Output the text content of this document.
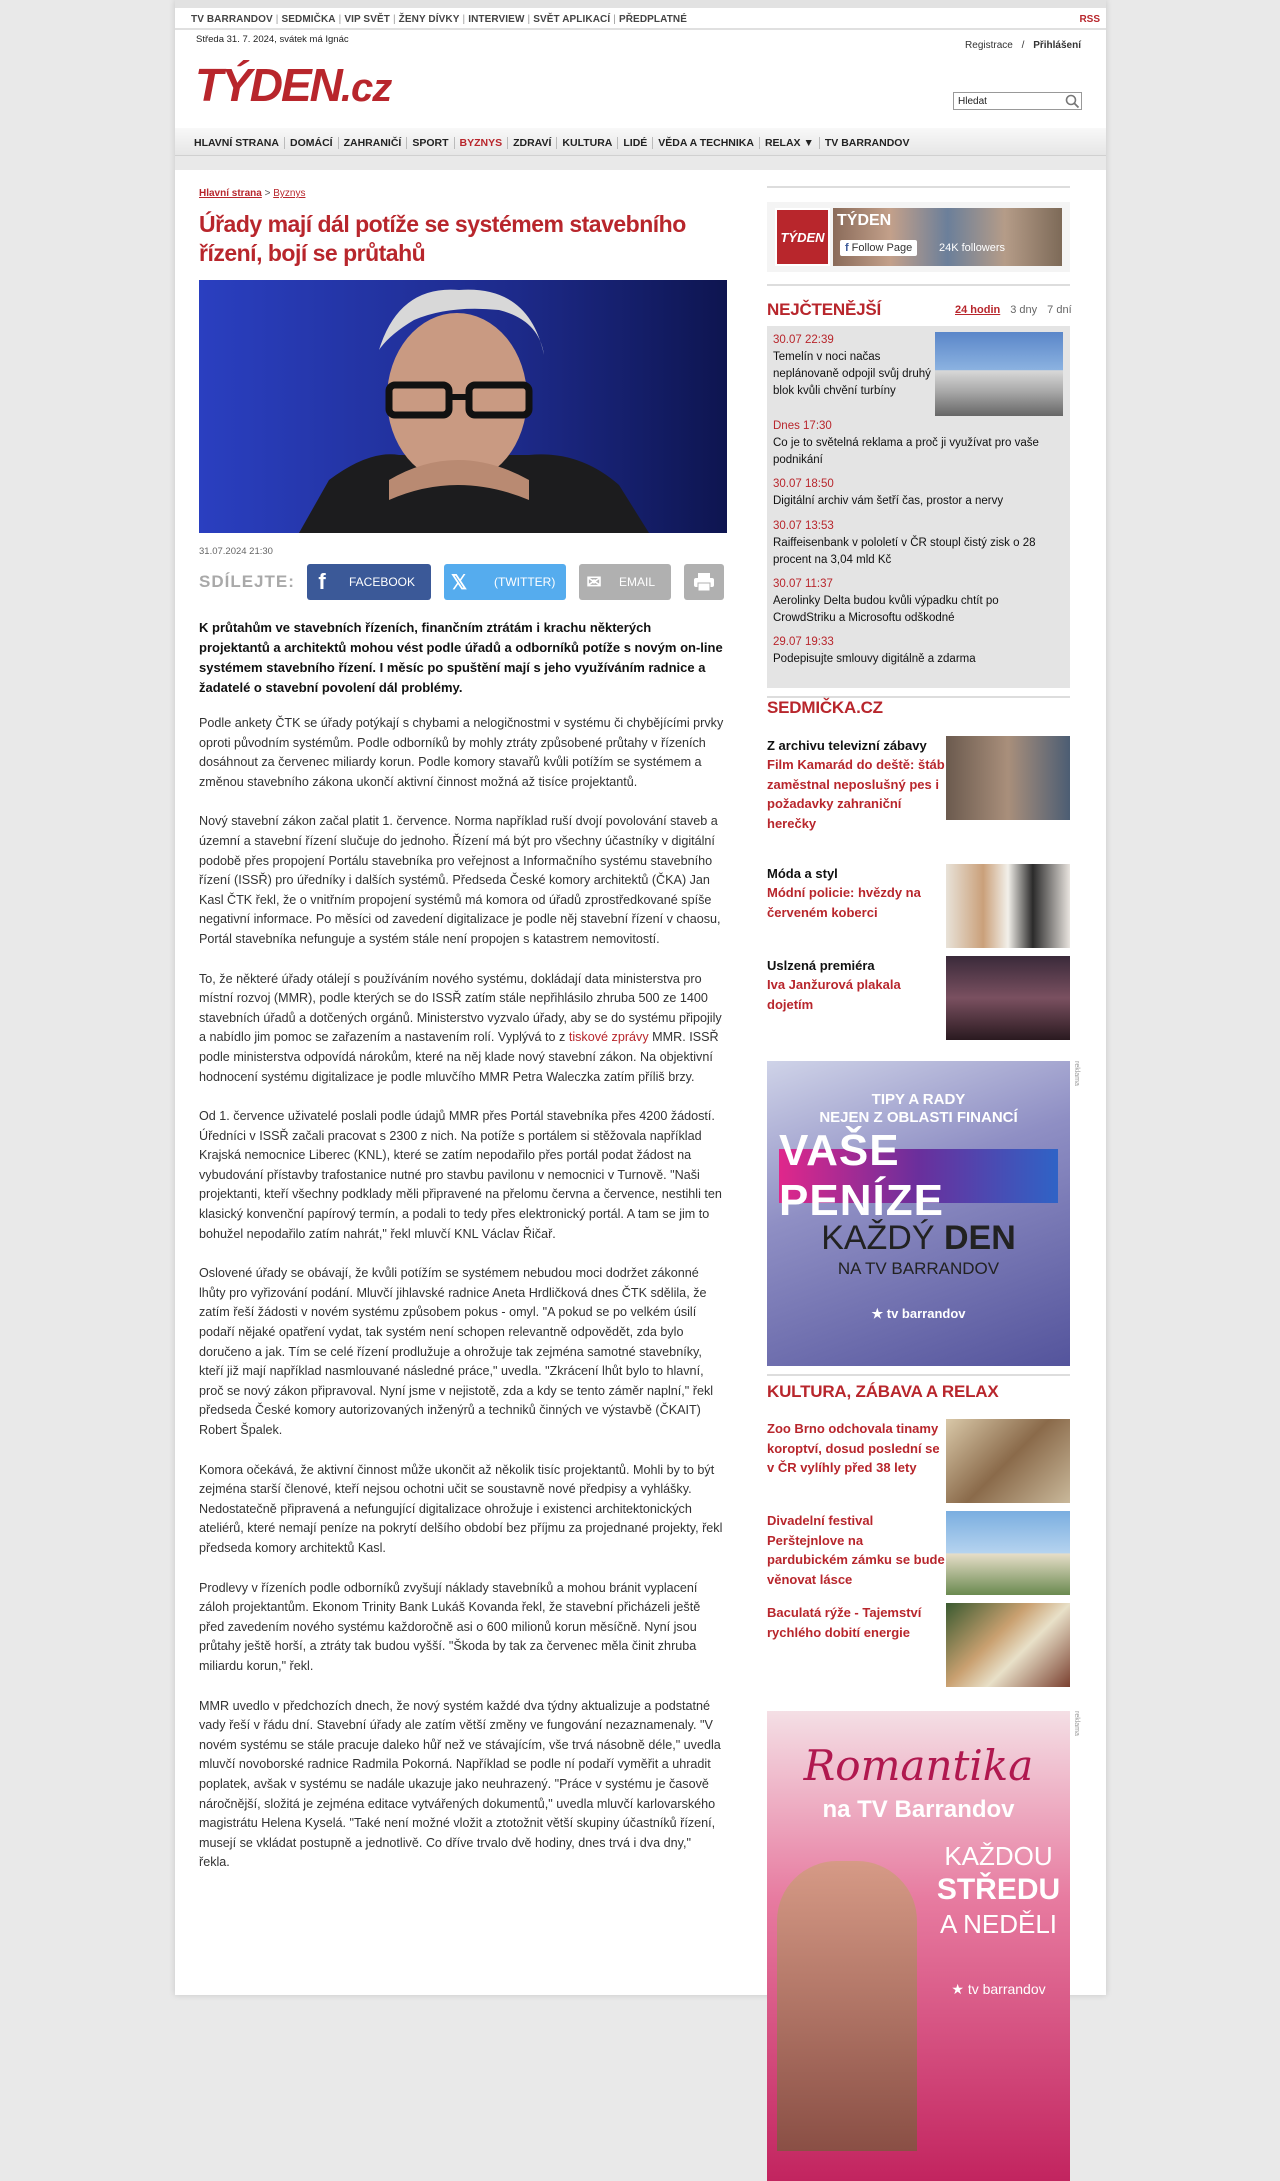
TV BARRANDOV | SEDMIČKA | VIP SVĚT | ŽENY DÍVKY | INTERVIEW | SVĚT APLIKACÍ | PŘEDPLATNÉ	RSS
Středa 31. 7. 2024, svátek má Ignác
Registrace / Přihlášení
TÝDEN.cz
Hledat
HLAVNÍ STRANA DOMÁCÍ ZAHRANIČÍ SPORT BYZNYS ZDRAVÍ KULTURA LIDÉ VĚDA A TECHNIKA RELAX ▼ TV BARRANDOV
Hlavní strana > Byznys
Úřady mají dál potíže se systémem stavebního řízení, bojí se průtahů
31.07.2024 21:30
SDÍLEJTE:	f	FACEBOOK	𝕏	(TWITTER)	✉	EMAIL
K průtahům ve stavebních řízeních, finančním ztrátám i krachu některých projektantů a architektů mohou vést podle úřadů a odborníků potíže s novým on-line systémem stavebního řízení. I měsíc po spuštění mají s jeho využíváním radnice a žadatelé o stavební povolení dál problémy.

Podle ankety ČTK se úřady potýkají s chybami a nelogičnostmi v systému či chybějícími prvky oproti původním systémům. Podle odborníků by mohly ztráty způsobené průtahy v řízeních dosáhnout za červenec miliardy korun. Podle komory stavařů kvůli potížím se systémem a změnou stavebního zákona ukončí aktivní činnost možná až tisíce projektantů.

Nový stavební zákon začal platit 1. července. Norma například ruší dvojí povolování staveb a územní a stavební řízení slučuje do jednoho. Řízení má být pro všechny účastníky v digitální podobě přes propojení Portálu stavebníka pro veřejnost a Informačního systému stavebního řízení (ISSŘ) pro úředníky i dalších systémů. Předseda České komory architektů (ČKA) Jan Kasl ČTK řekl, že o vnitřním propojení systémů má komora od úřadů zprostředkované spíše negativní informace. Po měsíci od zavedení digitalizace je podle něj stavební řízení v chaosu, Portál stavebníka nefunguje a systém stále není propojen s katastrem nemovitostí.

To, že některé úřady otálejí s používáním nového systému, dokládají data ministerstva pro místní rozvoj (MMR), podle kterých se do ISSŘ zatím stále nepřihlásilo zhruba 500 ze 1400 stavebních úřadů a dotčených orgánů. Ministerstvo vyzvalo úřady, aby se do systému připojily a nabídlo jim pomoc se zařazením a nastavením rolí. Vyplývá to z tiskové zprávy MMR. ISSŘ podle ministerstva odpovídá nárokům, které na něj klade nový stavební zákon. Na objektivní hodnocení systému digitalizace je podle mluvčího MMR Petra Waleczka zatím příliš brzy.

Od 1. července uživatelé poslali podle údajů MMR přes Portál stavebníka přes 4200 žádostí. Úředníci v ISSŘ začali pracovat s 2300 z nich. Na potíže s portálem si stěžovala například Krajská nemocnice Liberec (KNL), které se zatím nepodařilo přes portál podat žádost na vybudování přístavby trafostanice nutné pro stavbu pavilonu v nemocnici v Turnově. "Naši projektanti, kteří všechny podklady měli připravené na přelomu června a července, nestihli ten klasický konvenční papírový termín, a podali to tedy přes elektronický portál. A tam se jim to bohužel nepodařilo zatím nahrát," řekl mluvčí KNL Václav Řičař.

Oslovené úřady se obávají, že kvůli potížím se systémem nebudou moci dodržet zákonné lhůty pro vyřizování podání. Mluvčí jihlavské radnice Aneta Hrdličková dnes ČTK sdělila, že zatím řeší žádosti v novém systému způsobem pokus - omyl. "A pokud se po velkém úsilí podaří nějaké opatření vydat, tak systém není schopen relevantně odpovědět, zda bylo doručeno a jak. Tím se celé řízení prodlužuje a ohrožuje tak zejména samotné stavebníky, kteří již mají například nasmlouvané následné práce," uvedla. "Zkrácení lhůt bylo to hlavní, proč se nový zákon připravoval. Nyní jsme v nejistotě, zda a kdy se tento záměr naplní," řekl předseda České komory autorizovaných inženýrů a techniků činných ve výstavbě (ČKAIT) Robert Špalek.

Komora očekává, že aktivní činnost může ukončit až několik tisíc projektantů. Mohli by to být zejména starší členové, kteří nejsou ochotni učit se soustavně nové předpisy a vyhlášky. Nedostatečně připravená a nefungující digitalizace ohrožuje i existenci architektonických ateliérů, které nemají peníze na pokrytí delšího období bez příjmu za projednané projekty, řekl předseda komory architektů Kasl.

Prodlevy v řízeních podle odborníků zvyšují náklady stavebníků a mohou bránit vyplacení záloh projektantům. Ekonom Trinity Bank Lukáš Kovanda řekl, že stavební přicházeli ještě před zavedením nového systému každoročně asi o 600 milionů korun měsíčně. Nyní jsou průtahy ještě horší, a ztráty tak budou vyšší. "Škoda by tak za červenec měla činit zhruba miliardu korun," řekl.

MMR uvedlo v předchozích dnech, že nový systém každé dva týdny aktualizuje a podstatné vady řeší v řádu dní. Stavební úřady ale zatím větší změny ve fungování nezaznamenaly. "V novém systému se stále pracuje daleko hůř než ve stávajícím, vše trvá násobně déle," uvedla mluvčí novoborské radnice Radmila Pokorná. Například se podle ní podaří vyměřit a uhradit poplatek, avšak v systému se nadále ukazuje jako neuhrazený. "Práce v systému je časově náročnější, složitá je zejména editace vytvářených dokumentů," uvedla mluvčí karlovarského magistrátu Helena Kyselá. "Také není možné vložit a ztotožnit větší skupiny účastníků řízení, musejí se vkládat postupně a jednotlivě. Co dříve trvalo dvě hodiny, dnes trvá i dva dny," řekla.

TÝDEN
TÝDEN
f Follow Page	24K followers
NEJČTENĚJŠÍ	24 hodin 3 dny 7 dní
30.07 22:39
Temelín v noci načas neplánovaně odpojil svůj druhý blok kvůli chvění turbíny
Dnes 17:30
Co je to světelná reklama a proč ji využívat pro vaše podnikání
30.07 18:50
Digitální archiv vám šetří čas, prostor a nervy
30.07 13:53
Raiffeisenbank v pololetí v ČR stoupl čistý zisk o 28 procent na 3,04 mld Kč
30.07 11:37
Aerolinky Delta budou kvůli výpadku chtít po CrowdStriku a Microsoftu odškodné
29.07 19:33
Podepisujte smlouvy digitálně a zdarma
SEDMIČKA.CZ
Z archivu televizní zábavy
Film Kamarád do deště: štáb zaměstnal neposlušný pes i požadavky zahraniční herečky
Móda a styl
Módní policie: hvězdy na červeném koberci
Uslzená premiéra
Iva Janžurová plakala dojetím
TIPY A RADY
NEJEN Z OBLASTI FINANCÍ
VAŠE PENÍZE
KAŽDÝ DEN
NA TV BARRANDOV
★ tv barrandov
reklama
KULTURA, ZÁBAVA A RELAX
Zoo Brno odchovala tinamy koroptví, dosud poslední se v ČR vylíhly před 38 lety
Divadelní festival Perštejnlove na pardubickém zámku se bude věnovat lásce
Baculatá rýže - Tajemství rychlého dobití energie
Romantika
na TV Barrandov
KAŽDOU
STŘEDU
A NEDĚLI
★ tv barrandov
reklama
